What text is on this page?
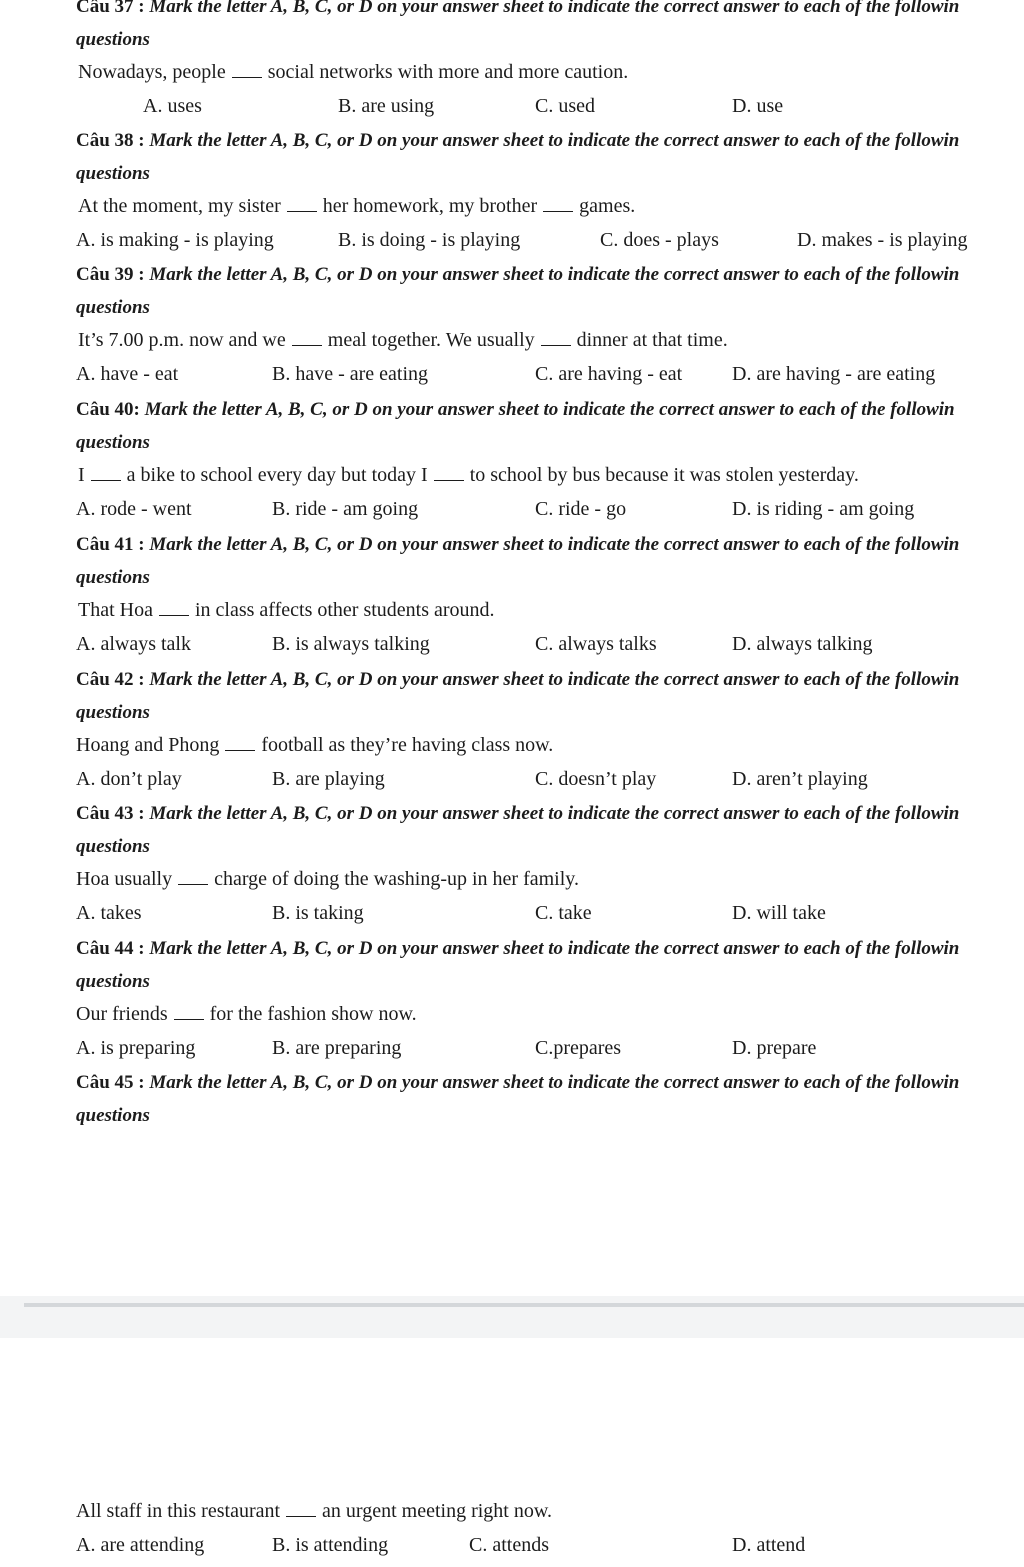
Câu 37 : Mark the letter A, B, C, or D on your answer sheet to indicate the correct answer to each of the followin
questions
Nowadays, people social networks with more and more caution.
A. uses	B. are using	C. used	D. use
Câu 38 : Mark the letter A, B, C, or D on your answer sheet to indicate the correct answer to each of the followin
questions
At the moment, my sister her homework, my brother games.
A. is making - is playing	B. is doing - is playing	C. does - plays	D. makes - is playing
Câu 39 : Mark the letter A, B, C, or D on your answer sheet to indicate the correct answer to each of the followin
questions
It’s 7.00 p.m. now and we meal together. We usually dinner at that time.
A. have - eat	B. have - are eating	C. are having - eat D. are having - are eating
Câu 40: Mark the letter A, B, C, or D on your answer sheet to indicate the correct answer to each of the followin
questions
I a bike to school every day but today I to school by bus because it was stolen yesterday.
A. rode - went	B. ride - am going	C. ride - go	D. is riding - am going
Câu 41 : Mark the letter A, B, C, or D on your answer sheet to indicate the correct answer to each of the followin
questions
That Hoa in class affects other students around.
A. always talk	B. is always talking	C. always talks	D. always talking
Câu 42 : Mark the letter A, B, C, or D on your answer sheet to indicate the correct answer to each of the followin
questions
Hoang and Phong football as they’re having class now.
A. don’t play	B. are playing	C. doesn’t play	D. aren’t playing
Câu 43 : Mark the letter A, B, C, or D on your answer sheet to indicate the correct answer to each of the followin
questions
Hoa usually charge of doing the washing-up in her family.
A. takes	B. is taking	C. take	D. will take
Câu 44 : Mark the letter A, B, C, or D on your answer sheet to indicate the correct answer to each of the followin
questions
Our friends for the fashion show now.
A. is preparing	B. are preparing	C.prepares	D. prepare
Câu 45 : Mark the letter A, B, C, or D on your answer sheet to indicate the correct answer to each of the followin
questions
All staff in this restaurant an urgent meeting right now.
A. are attending	B. is attending	C. attends	D. attend
